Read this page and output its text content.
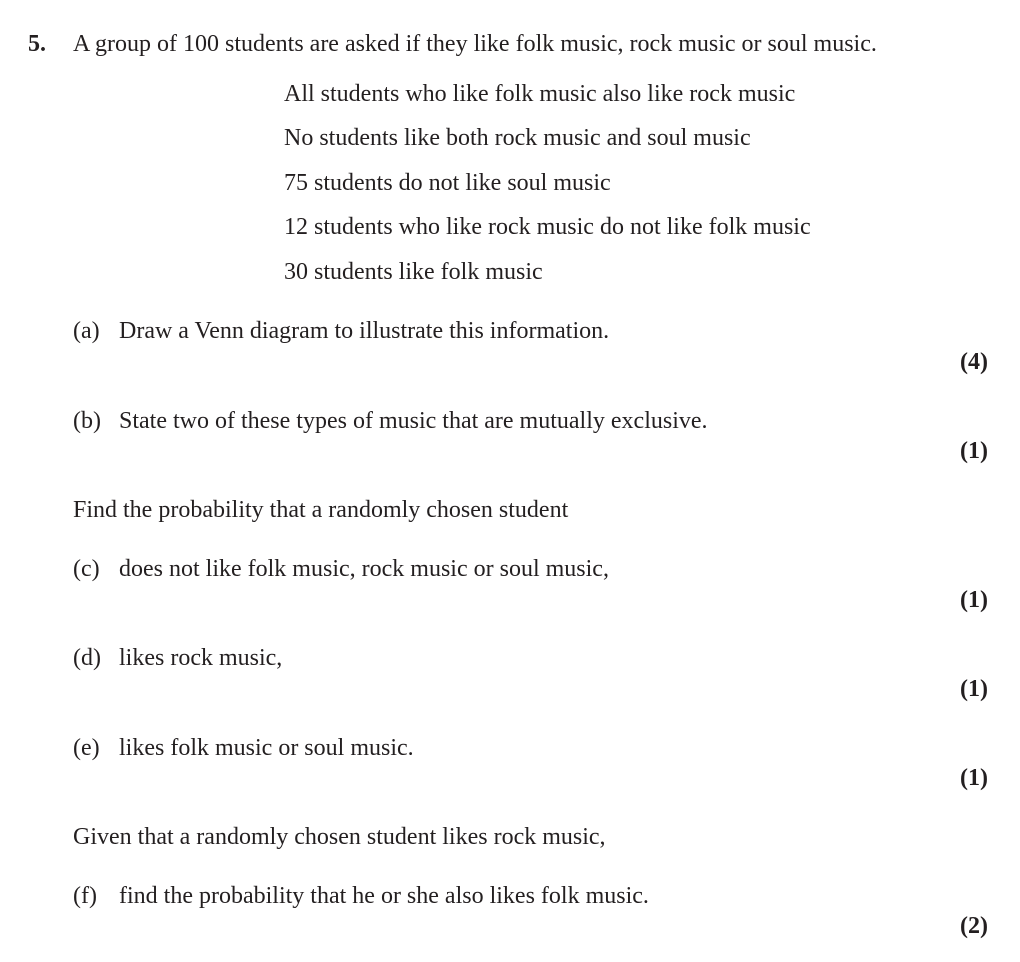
5. A group of 100 students are asked if they like folk music, rock music or soul music.
All students who like folk music also like rock music
No students like both rock music and soul music
75 students do not like soul music
12 students who like rock music do not like folk music
30 students like folk music
(a) Draw a Venn diagram to illustrate this information.
(4)
(b) State two of these types of music that are mutually exclusive.
(1)
Find the probability that a randomly chosen student
(c) does not like folk music, rock music or soul music,
(1)
(d) likes rock music,
(1)
(e) likes folk music or soul music.
(1)
Given that a randomly chosen student likes rock music,
(f) find the probability that he or she also likes folk music.
(2)
